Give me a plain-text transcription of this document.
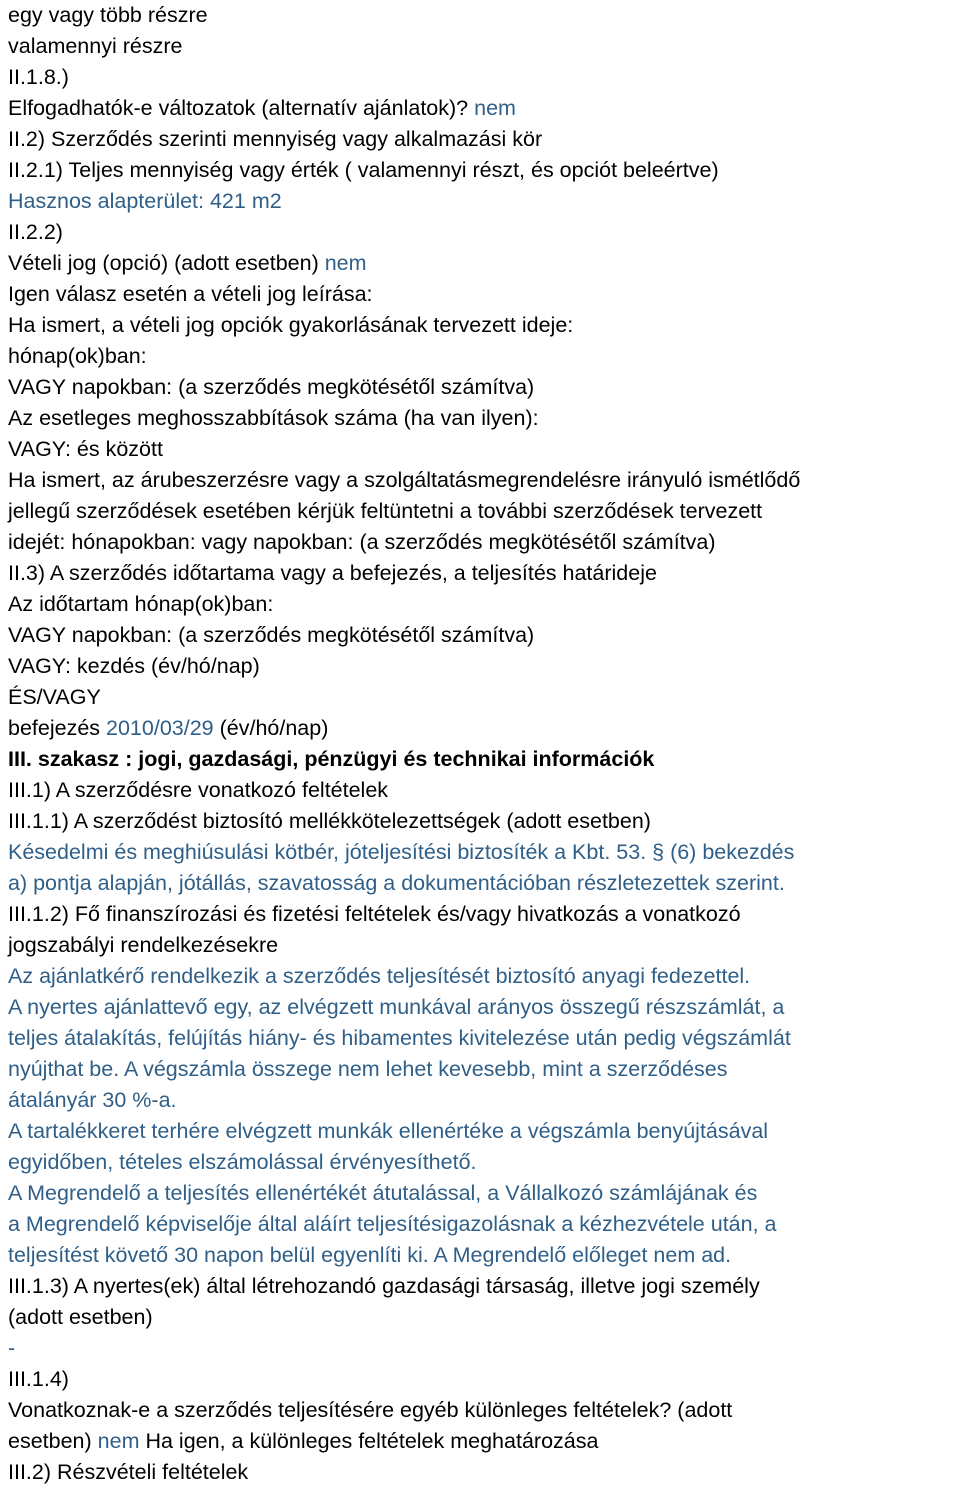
egy vagy több részre
valamennyi részre
II.1.8.)
Elfogadhatók-e változatok (alternatív ajánlatok)? nem
II.2) Szerződés szerinti mennyiség vagy alkalmazási kör
II.2.1) Teljes mennyiség vagy érték ( valamennyi részt, és opciót beleértve)
Hasznos alapterület: 421 m2
II.2.2)
Vételi jog (opció) (adott esetben) nem
Igen válasz esetén a vételi jog leírása:
Ha ismert, a vételi jog opciók gyakorlásának tervezett ideje:
hónap(ok)ban:
VAGY napokban: (a szerződés megkötésétől számítva)
Az esetleges meghosszabbítások száma (ha van ilyen):
VAGY: és között
Ha ismert, az árubeszerzésre vagy a szolgáltatásmegrendelésre irányuló ismétlődő
jellegű szerződések esetében kérjük feltüntetni a további szerződések tervezett
idejét: hónapokban: vagy napokban: (a szerződés megkötésétől számítva)
II.3) A szerződés időtartama vagy a befejezés, a teljesítés határideje
Az időtartam hónap(ok)ban:
VAGY napokban: (a szerződés megkötésétől számítva)
VAGY: kezdés (év/hó/nap)
ÉS/VAGY
befejezés 2010/03/29 (év/hó/nap)
III. szakasz : jogi, gazdasági, pénzügyi és technikai információk
III.1) A szerződésre vonatkozó feltételek
III.1.1) A szerződést biztosító mellékkötelezettségek (adott esetben)
Késedelmi és meghiúsulási kötbér, jóteljesítési biztosíték a Kbt. 53. § (6) bekezdés
a) pontja alapján, jótállás, szavatosság a dokumentációban részletezettek szerint.
III.1.2) Fő finanszírozási és fizetési feltételek és/vagy hivatkozás a vonatkozó
jogszabályi rendelkezésekre
Az ajánlatkérő rendelkezik a szerződés teljesítését biztosító anyagi fedezettel.
A nyertes ajánlattevő egy, az elvégzett munkával arányos összegű részszámlát, a
teljes átalakítás, felújítás hiány- és hibamentes kivitelezése után pedig végszámlát
nyújthat be. A végszámla összege nem lehet kevesebb, mint a szerződéses
átalányár 30 %-a.
A tartalékkeret terhére elvégzett munkák ellenértéke a végszámla benyújtásával
egyidőben, tételes elszámolással érvényesíthető.
A Megrendelő a teljesítés ellenértékét átutalással, a Vállalkozó számlájának és
a Megrendelő képviselője által aláírt teljesítésigazolásnak a kézhezvétele után, a
teljesítést követő 30 napon belül egyenlíti ki. A Megrendelő előleget nem ad.
III.1.3) A nyertes(ek) által létrehozandó gazdasági társaság, illetve jogi személy
(adott esetben)
-
III.1.4)
Vonatkoznak-e a szerződés teljesítésére egyéb különleges feltételek? (adott
esetben) nem Ha igen, a különleges feltételek meghatározása
III.2) Részvételi feltételek
